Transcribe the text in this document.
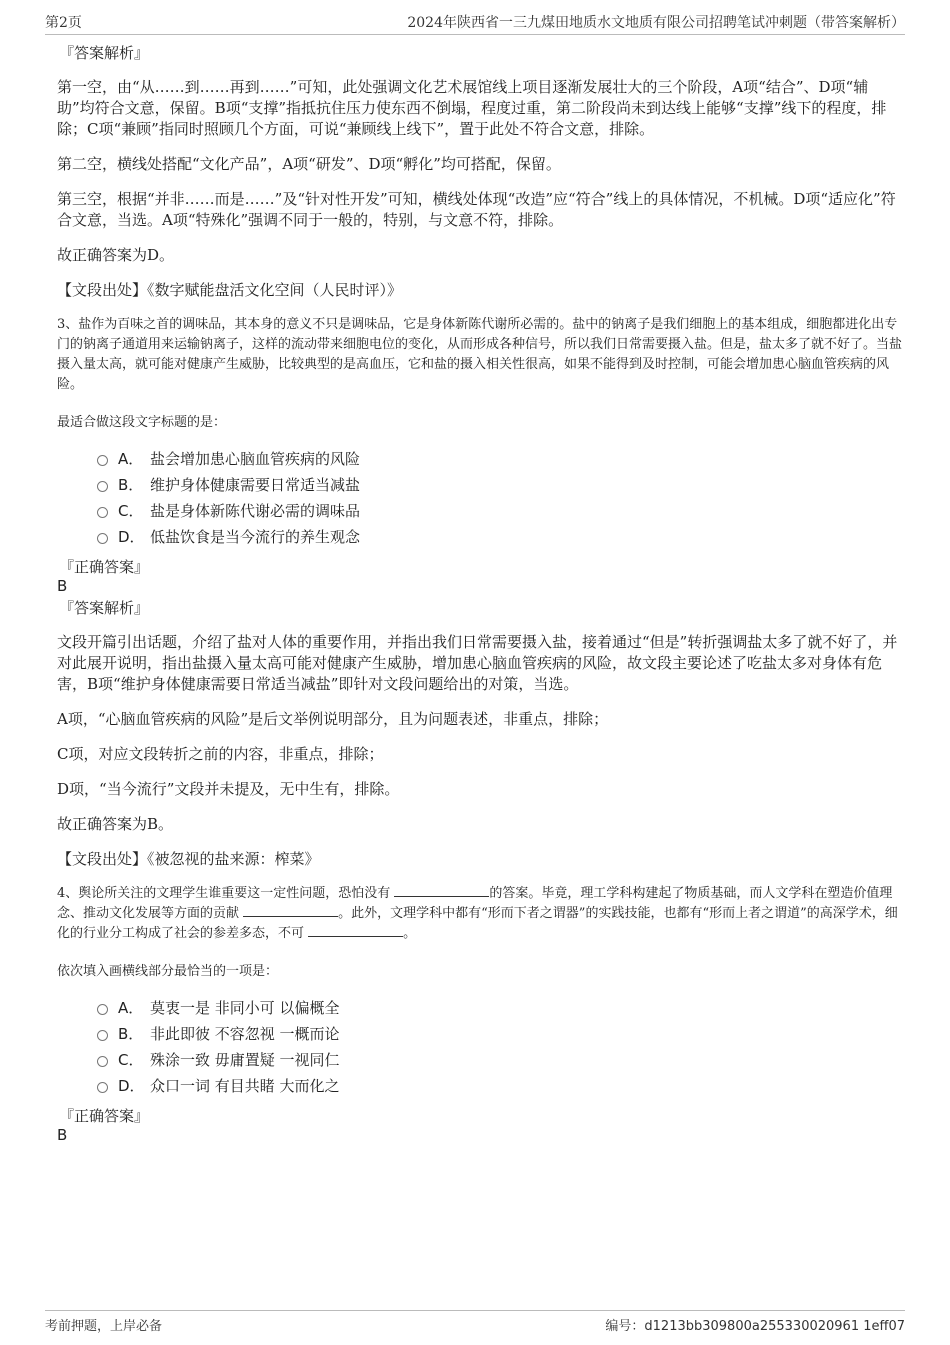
第2页	2024年陕西省一三九煤田地质水文地质有限公司招聘笔试冲刺题（带答案解析）
『答案解析』

第一空，由“从……到……再到……”可知，此处强调文化艺术展馆线上项目逐渐发展壮大的三个阶段，A项“结合”、D项“辅助”均符合文意，保留。B项“支撑”指抵抗住压力使东西不倒塌，程度过重，第二阶段尚未到达线上能够“支撑”线下的程度，排除；C项“兼顾”指同时照顾几个方面，可说“兼顾线上线下”，置于此处不符合文意，排除。

第二空，横线处搭配“文化产品”，A项“研发”、D项“孵化”均可搭配，保留。

第三空，根据“并非……而是……”及“针对性开发”可知，横线处体现“改造”应“符合”线上的具体情况，不机械。D项“适应化”符合文意，当选。A项“特殊化”强调不同于一般的，特别，与文意不符，排除。

故正确答案为D。

【文段出处】《数字赋能盘活文化空间（人民时评）》

3、盐作为百味之首的调味品，其本身的意义不只是调味品，它是身体新陈代谢所必需的。盐中的钠离子是我们细胞上的基本组成，细胞都进化出专门的钠离子通道用来运输钠离子，这样的流动带来细胞电位的变化，从而形成各种信号，所以我们日常需要摄入盐。但是，盐太多了就不好了。当盐摄入量太高，就可能对健康产生威胁，比较典型的是高血压，它和盐的摄入相关性很高，如果不能得到及时控制，可能会增加患心脑血管疾病的风险。

最适合做这段文字标题的是：

A． 盐会增加患心脑血管疾病的风险
B． 维护身体健康需要日常适当减盐
C． 盐是身体新陈代谢必需的调味品
D． 低盐饮食是当今流行的养生观念
『正确答案』
B
『答案解析』

文段开篇引出话题，介绍了盐对人体的重要作用，并指出我们日常需要摄入盐，接着通过“但是”转折强调盐太多了就不好了，并对此展开说明，指出盐摄入量太高可能对健康产生威胁，增加患心脑血管疾病的风险，故文段主要论述了吃盐太多对身体有危害，B项“维护身体健康需要日常适当减盐”即针对文段问题给出的对策，当选。

A项，“心脑血管疾病的风险”是后文举例说明部分，且为问题表述，非重点，排除；

C项，对应文段转折之前的内容，非重点，排除；

D项，“当今流行”文段并未提及，无中生有，排除。

故正确答案为B。

【文段出处】《被忽视的盐来源：榨菜》

4、舆论所关注的文理学生谁重要这一定性问题，恐怕没有	的答案。毕竟，理工学科构建起了物质基础，而人文学科在塑造价值理念、推动文化发展等方面的贡献	。此外，文理学科中都有“形而下者之谓器”的实践技能，也都有“形而上者之谓道”的高深学术，细化的行业分工构成了社会的参差多态，不可	。

依次填入画横线部分最恰当的一项是：

A． 莫衷一是 非同小可 以偏概全
B． 非此即彼 不容忽视 一概而论
C． 殊涂一致 毋庸置疑 一视同仁
D． 众口一词 有目共睹 大而化之
『正确答案』
B
考前押题，上岸必备	编号：d1213bb309800a255330020961 1eff07
